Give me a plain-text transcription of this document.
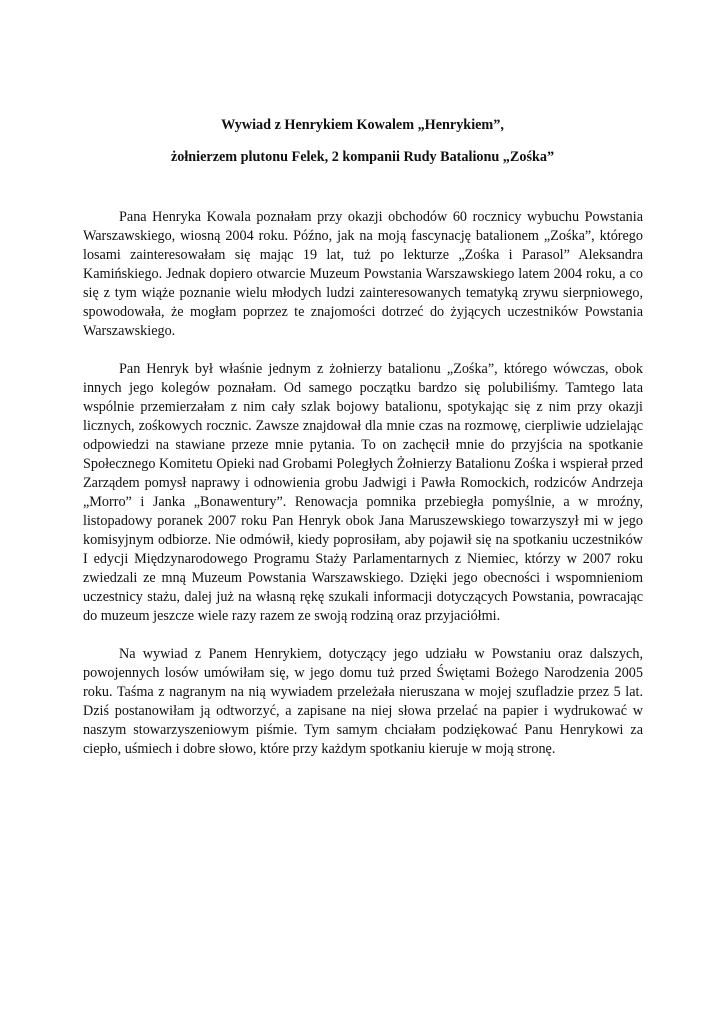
Wywiad z Henrykiem Kowalem „Henrykiem”,

żołnierzem plutonu Felek, 2 kompanii Rudy Batalionu „Zośka”

Pana Henryka Kowala poznałam przy okazji obchodów 60 rocznicy wybuchu Powstania Warszawskiego, wiosną 2004 roku. Późno, jak na moją fascynację batalionem „Zośka”, którego losami zainteresowałam się mając 19 lat, tuż po lekturze „Zośka i Parasol” Aleksandra Kamińskiego. Jednak dopiero otwarcie Muzeum Powstania Warszawskiego latem 2004 roku, a co się z tym wiąże poznanie wielu młodych ludzi zainteresowanych tematyką zrywu sierpniowego, spowodowała, że mogłam poprzez te znajomości dotrzeć do żyjących uczestników Powstania Warszawskiego.

Pan Henryk był właśnie jednym z żołnierzy batalionu „Zośka”, którego wówczas, obok innych jego kolegów poznałam. Od samego początku bardzo się polubiliśmy. Tamtego lata wspólnie przemierzałam z nim cały szlak bojowy batalionu, spotykając się z nim przy okazji licznych, zośkowych rocznic. Zawsze znajdował dla mnie czas na rozmowę, cierpliwie udzielając odpowiedzi na stawiane przeze mnie pytania. To on zachęcił mnie do przyjścia na spotkanie Społecznego Komitetu Opieki nad Grobami Poległych Żołnierzy Batalionu Zośka i wspierał przed Zarządem pomysł naprawy i odnowienia grobu Jadwigi i Pawła Romockich, rodziców Andrzeja „Morro” i Janka „Bonawentury”. Renowacja pomnika przebiegła pomyślnie, a w mroźny, listopadowy poranek 2007 roku Pan Henryk obok Jana Maruszewskiego towarzyszył mi w jego komisyjnym odbiorze. Nie odmówił, kiedy poprosiłam, aby pojawił się na spotkaniu uczestników I edycji Międzynarodowego Programu Staży Parlamentarnych z Niemiec, którzy w 2007 roku zwiedzali ze mną Muzeum Powstania Warszawskiego. Dzięki jego obecności i wspomnieniom uczestnicy stażu, dalej już na własną rękę szukali informacji dotyczących Powstania, powracając do muzeum jeszcze wiele razy razem ze swoją rodziną oraz przyjaciółmi.

Na wywiad z Panem Henrykiem, dotyczący jego udziału w Powstaniu oraz dalszych, powojennych losów umówiłam się, w jego domu tuż przed Świętami Bożego Narodzenia 2005 roku. Taśma z nagranym na nią wywiadem przeleżała nieruszana w mojej szufladzie przez 5 lat. Dziś postanowiłam ją odtworzyć, a zapisane na niej słowa przelać na papier i wydrukować w naszym stowarzyszeniowym piśmie. Tym samym chciałam podziękować Panu Henrykowi za ciepło, uśmiech i dobre słowo, które przy każdym spotkaniu kieruje w moją stronę.
